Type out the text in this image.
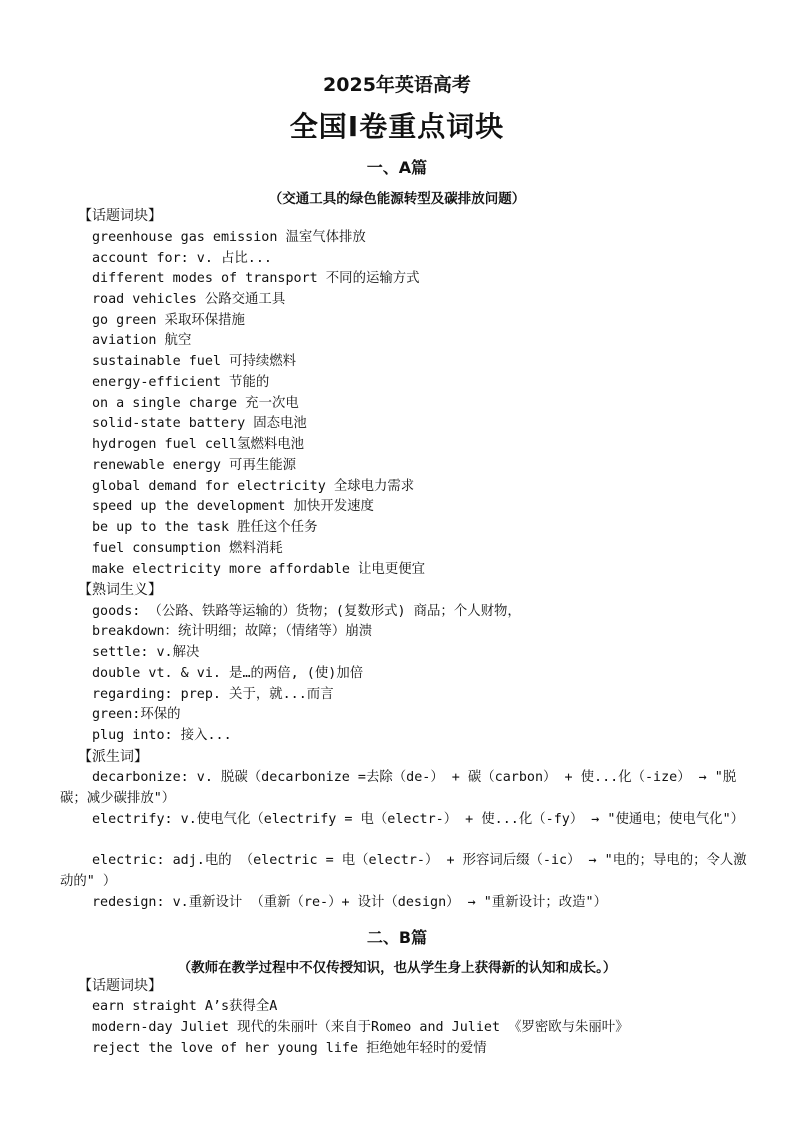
2025年英语高考
全国Ⅰ卷重点词块
一、A篇
（交通工具的绿色能源转型及碳排放问题）
【话题词块】
greenhouse gas emission 温室气体排放
account for: v. 占比...
different modes of transport 不同的运输方式
road vehicles 公路交通工具
go green 采取环保措施
aviation 航空
sustainable fuel 可持续燃料
energy-efficient 节能的
on a single charge 充一次电
solid-state battery 固态电池
hydrogen fuel cell氢燃料电池
renewable energy 可再生能源
global demand for electricity 全球电力需求
speed up the development 加快开发速度
be up to the task 胜任这个任务
fuel consumption 燃料消耗
make electricity more affordable 让电更便宜
【熟词生义】
goods: （公路、铁路等运输的）货物；(复数形式) 商品；个人财物，
breakdown：统计明细；故障；（情绪等）崩溃
settle: v.解决
double vt. & vi. 是…的两倍, (使)加倍
regarding: prep. 关于，就...而言
green:环保的
plug into: 接入...
【派生词】
decarbonize: v. 脱碳（decarbonize =去除（de-） + 碳（carbon） + 使...化（-ize） → "脱碳；减少碳排放"）
electrify: v.使电气化（electrify = 电（electr-） + 使...化（-fy） → "使通电；使电气化"）
electric: adj.电的 （electric = 电（electr-） + 形容词后缀（-ic） → "电的；导电的；令人激动的" ）
redesign: v.重新设计 （重新（re-）+ 设计（design） → "重新设计；改造"）
二、B篇
（教师在教学过程中不仅传授知识，也从学生身上获得新的认知和成长。）
【话题词块】
earn straight A’s获得全A
modern-day Juliet 现代的朱丽叶（来自于Romeo and Juliet 《罗密欧与朱丽叶》
reject the love of her young life 拒绝她年轻时的爱情
